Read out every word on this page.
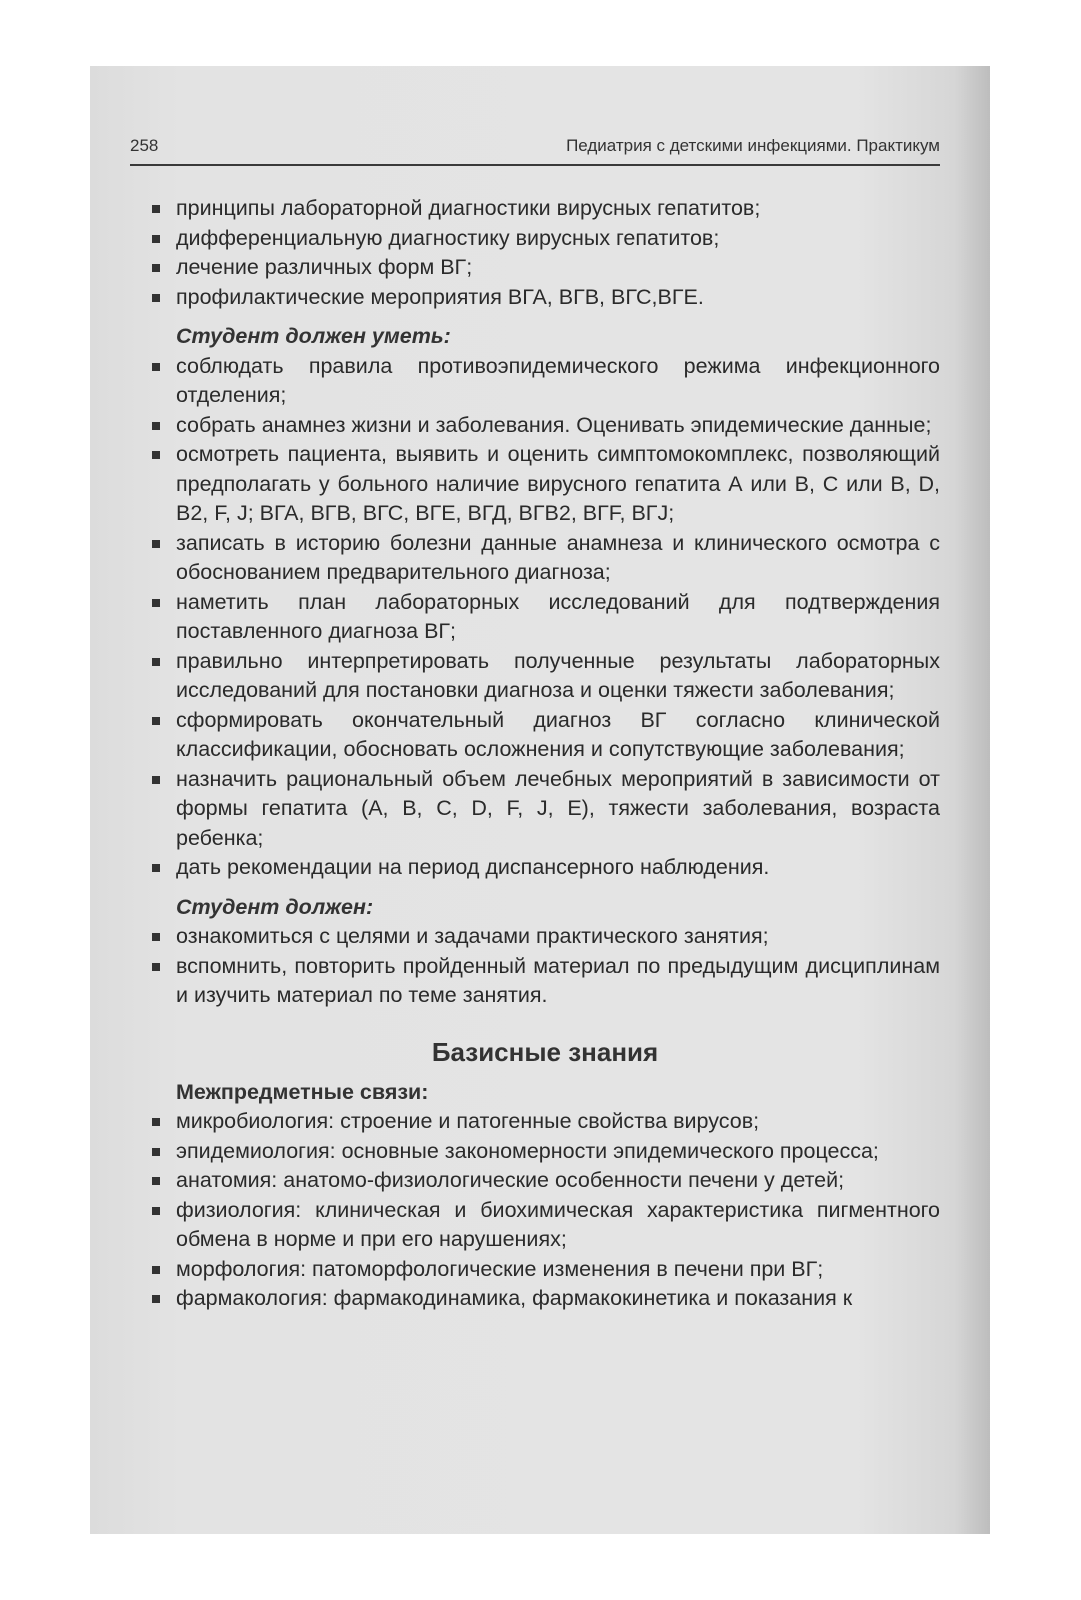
258	Педиатрия с детскими инфекциями. Практикум
принципы лабораторной диагностики вирусных гепатитов;
дифференциальную диагностику вирусных гепатитов;
лечение различных форм ВГ;
профилактические мероприятия ВГА, ВГВ, ВГС,ВГЕ.
Студент должен уметь:
соблюдать правила противоэпидемического режима инфекционного отделения;
собрать анамнез жизни и заболевания. Оценивать эпидемические данные;
осмотреть пациента, выявить и оценить симптомокомплекс, позволяющий предполагать у больного наличие вирусного гепатита А или В, С или В, D, В2, F, J; ВГА, ВГВ, ВГС, ВГЕ, ВГД, ВГВ2, ВГF, ВГJ;
записать в историю болезни данные анамнеза и клинического осмотра с обоснованием предварительного диагноза;
наметить план лабораторных исследований для подтверждения поставленного диагноза ВГ;
правильно интерпретировать полученные результаты лабораторных исследований для постановки диагноза и оценки тяжести заболевания;
сформировать окончательный диагноз ВГ согласно клинической классификации, обосновать осложнения и сопутствующие заболевания;
назначить рациональный объем лечебных мероприятий в зависимости от формы гепатита (А, В, С, D, F, J, E), тяжести заболевания, возраста ребенка;
дать рекомендации на период диспансерного наблюдения.
Студент должен:
ознакомиться с целями и задачами практического занятия;
вспомнить, повторить пройденный материал по предыдущим дисциплинам и изучить материал по теме занятия.
Базисные знания
Межпредметные связи:
микробиология: строение и патогенные свойства вирусов;
эпидемиология: основные закономерности эпидемического процесса;
анатомия: анатомо-физиологические особенности печени у детей;
физиология: клиническая и биохимическая характеристика пигментного обмена в норме и при его нарушениях;
морфология: патоморфологические изменения в печени при ВГ;
фармакология: фармакодинамика, фармакокинетика и показания к
